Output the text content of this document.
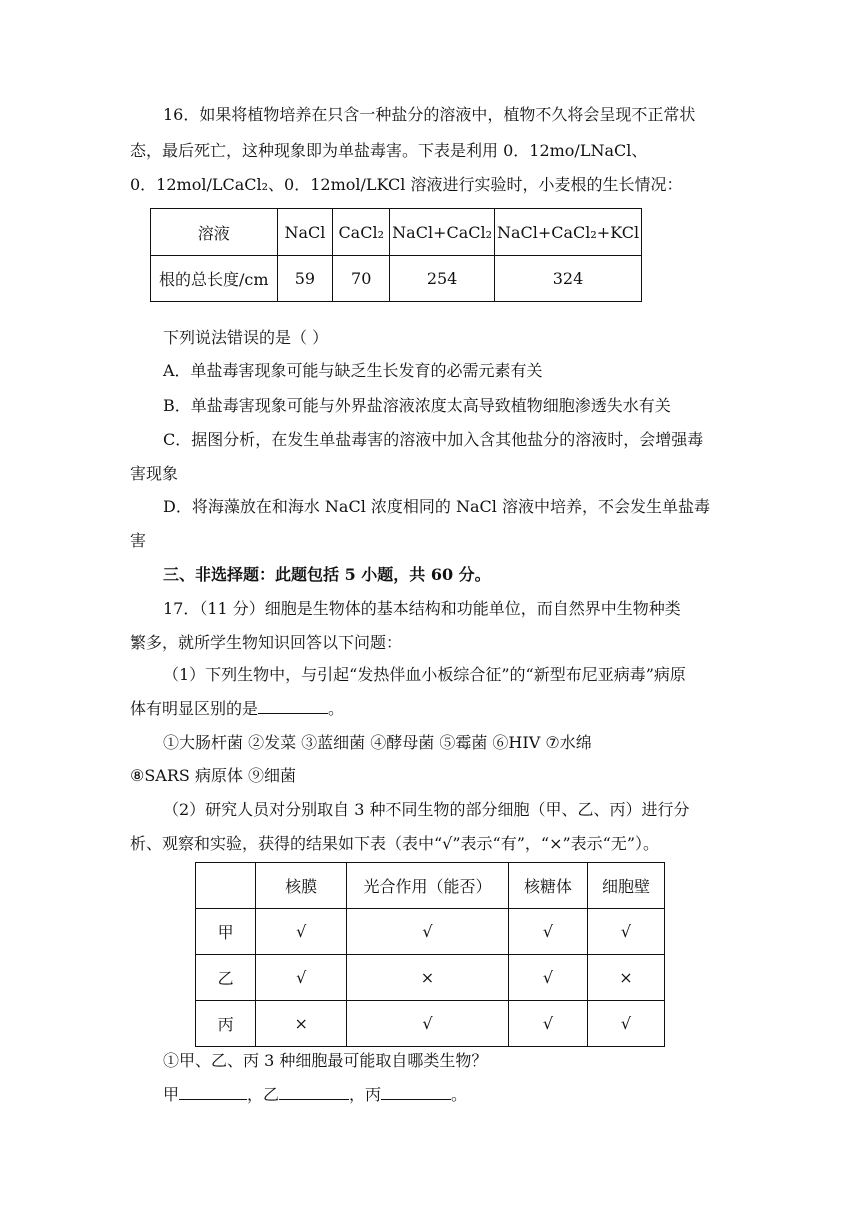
16．如果将植物培养在只含一种盐分的溶液中，植物不久将会呈现不正常状
态，最后死亡，这种现象即为单盐毒害。下表是利用 0．12mo/LNaCl、
0．12mol/LCaCl₂、0．12mol/LKCl 溶液进行实验时，小麦根的生长情况：
溶液	NaCl	CaCl₂	NaCl+CaCl₂	NaCl+CaCl₂+KCl
根的总长度/cm	59	70	254	324
下列说法错误的是（ ）
A．单盐毒害现象可能与缺乏生长发育的必需元素有关
B．单盐毒害现象可能与外界盐溶液浓度太高导致植物细胞渗透失水有关
C．据图分析，在发生单盐毒害的溶液中加入含其他盐分的溶液时，会增强毒
害现象
D．将海藻放在和海水 NaCl 浓度相同的 NaCl 溶液中培养，不会发生单盐毒
害
三、非选择题：此题包括 5 小题，共 60 分。
17．（11 分）细胞是生物体的基本结构和功能单位，而自然界中生物种类
繁多，就所学生物知识回答以下问题：
（1）下列生物中，与引起“发热伴血小板综合征”的“新型布尼亚病毒”病原
体有明显区别的是	。
①大肠杆菌 ②发菜 ③蓝细菌 ④酵母菌 ⑤霉菌 ⑥HIV ⑦水绵
⑧SARS 病原体 ⑨细菌
（2）研究人员对分别取自 3 种不同生物的部分细胞（甲、乙、丙）进行分
析、观察和实验，获得的结果如下表（表中“√”表示“有”，“×”表示“无”）。
	核膜	光合作用（能否）	核糖体	细胞壁
甲	√	√	√	√
乙	√	×	√	×
丙	×	√	√	√
①甲、乙、丙 3 种细胞最可能取自哪类生物？
甲	，乙	，丙	。
